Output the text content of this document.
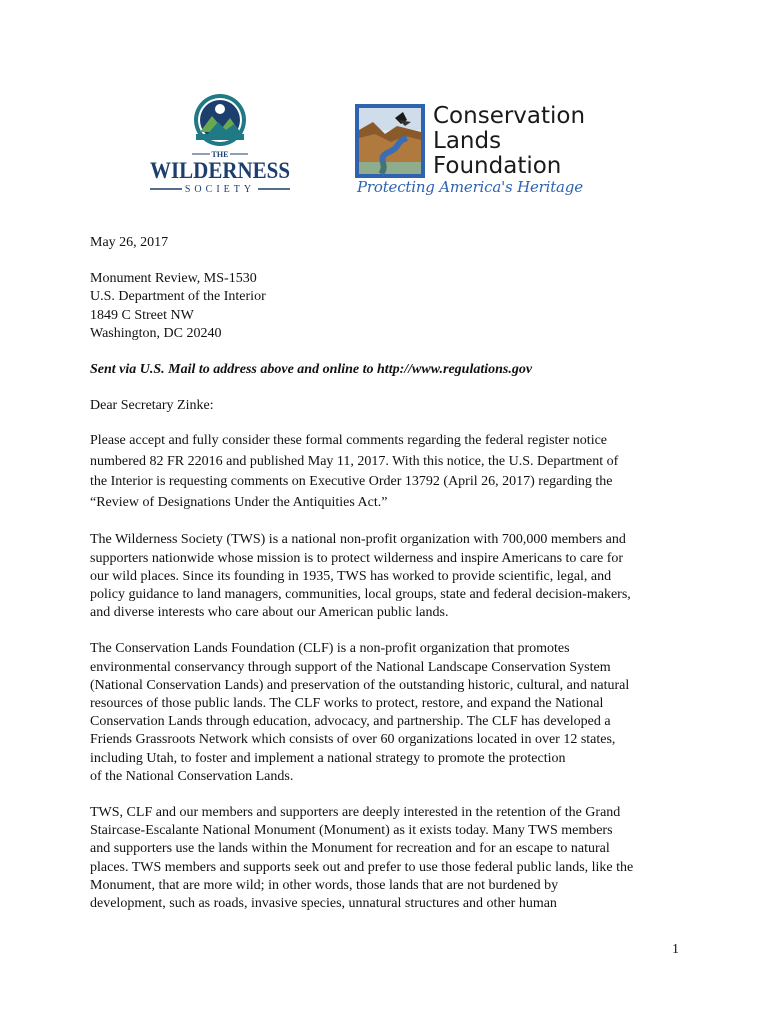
THE
WILDERNESS
SOCIETY
Conservation
Lands
Foundation
Protecting America's Heritage

May 26, 2017

Monument Review, MS-1530
U.S. Department of the Interior
1849 C Street NW
Washington, DC 20240

Sent via U.S. Mail to address above and online to http://www.regulations.gov

Dear Secretary Zinke:

Please accept and fully consider these formal comments regarding the federal register notice
numbered 82 FR 22016 and published May 11, 2017. With this notice, the U.S. Department of
the Interior is requesting comments on Executive Order 13792 (April 26, 2017) regarding the
“Review of Designations Under the Antiquities Act.”
The Wilderness Society (TWS) is a national non-profit organization with 700,000 members and
supporters nationwide whose mission is to protect wilderness and inspire Americans to care for
our wild places. Since its founding in 1935, TWS has worked to provide scientific, legal, and
policy guidance to land managers, communities, local groups, state and federal decision-makers,
and diverse interests who care about our American public lands.
The Conservation Lands Foundation (CLF) is a non-profit organization that promotes
environmental conservancy through support of the National Landscape Conservation System
(National Conservation Lands) and preservation of the outstanding historic, cultural, and natural
resources of those public lands. The CLF works to protect, restore, and expand the National
Conservation Lands through education, advocacy, and partnership. The CLF has developed a
Friends Grassroots Network which consists of over 60 organizations located in over 12 states,
including Utah, to foster and implement a national strategy to promote the protection
of the National Conservation Lands.
TWS, CLF and our members and supporters are deeply interested in the retention of the Grand
Staircase-Escalante National Monument (Monument) as it exists today. Many TWS members
and supporters use the lands within the Monument for recreation and for an escape to natural
places. TWS members and supports seek out and prefer to use those federal public lands, like the
Monument, that are more wild; in other words, those lands that are not burdened by
development, such as roads, invasive species, unnatural structures and other human
1
